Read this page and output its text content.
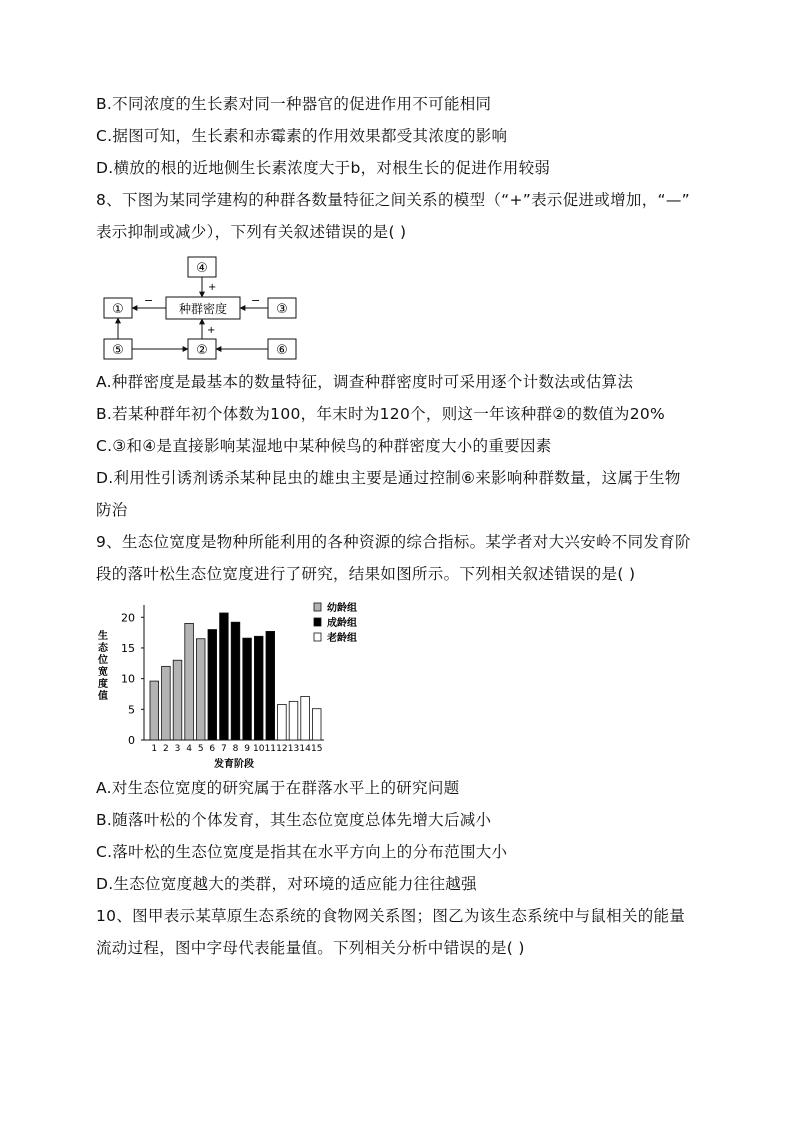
B.不同浓度的生长素对同一种器官的促进作用不可能相同
C.据图可知，生长素和赤霉素的作用效果都受其浓度的影响
D.横放的根的近地侧生长素浓度大于b，对根生长的促进作用较弱
8、下图为某同学建构的种群各数量特征之间关系的模型（“+”表示促进或增加，“—”
表示抑制或减少），下列有关叙述错误的是( )
④
种群密度
①	③
⑤	②	⑥
+
−	−
+
A.种群密度是最基本的数量特征，调查种群密度时可采用逐个计数法或估算法
B.若某种群年初个体数为100，年末时为120个，则这一年该种群②的数值为20%
C.③和④是直接影响某湿地中某种候鸟的种群密度大小的重要因素
D.利用性引诱剂诱杀某种昆虫的雄虫主要是通过控制⑥来影响种群数量，这属于生物
防治
9、生态位宽度是物种所能利用的各种资源的综合指标。某学者对大兴安岭不同发育阶
段的落叶松生态位宽度进行了研究，结果如图所示。下列相关叙述错误的是( )
生
态
位
宽
度
值
1 2 3 4 5 6 7 8 9 10 11 12 13 14 15
0
5
10
15
20
幼龄组
成龄组
老龄组
发育阶段
A.对生态位宽度的研究属于在群落水平上的研究问题
B.随落叶松的个体发育，其生态位宽度总体先增大后减小
C.落叶松的生态位宽度是指其在水平方向上的分布范围大小
D.生态位宽度越大的类群，对环境的适应能力往往越强
10、图甲表示某草原生态系统的食物网关系图；图乙为该生态系统中与鼠相关的能量
流动过程，图中字母代表能量值。下列相关分析中错误的是( )
